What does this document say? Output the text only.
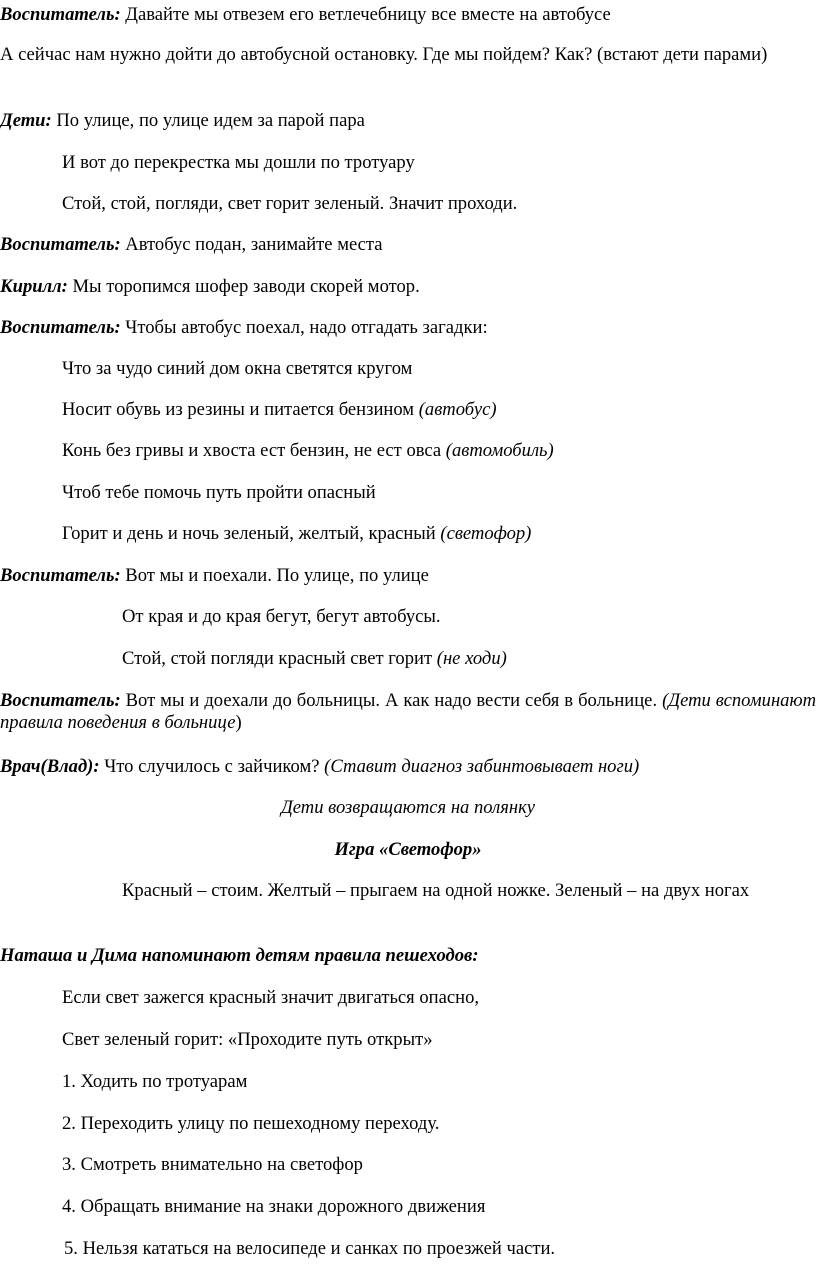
Воспитатель: Давайте мы отвезем его ветлечебницу все вместе на автобусе
А сейчас нам нужно дойти до автобусной остановку. Где мы пойдем? Как? (встают дети парами)
Дети: По улице, по улице идем за парой пара
И вот до перекрестка мы дошли по тротуару
Стой, стой, погляди, свет горит зеленый. Значит проходи.
Воспитатель: Автобус подан, занимайте места
Кирилл: Мы торопимся шофер заводи скорей мотор.
Воспитатель: Чтобы автобус поехал, надо отгадать загадки:
Что за чудо синий дом окна светятся кругом
Носит обувь из резины и питается бензином (автобус)
Конь без гривы и хвоста ест бензин, не ест овса (автомобиль)
Чтоб тебе помочь путь пройти опасный
Горит и день и ночь зеленый, желтый, красный (светофор)
Воспитатель: Вот мы и поехали. По улице, по улице
От края и до края бегут, бегут автобусы.
Стой, стой погляди красный свет горит (не ходи)
Воспитатель: Вот мы и доехали до больницы. А как надо вести себя в больнице. (Дети вспоминают правила поведения в больнице)
Врач(Влад): Что случилось с зайчиком? (Ставит диагноз забинтовывает ноги)
Дети возвращаются на полянку
Игра «Светофор»
Красный – стоим. Желтый – прыгаем на одной ножке. Зеленый – на двух ногах
Наташа и Дима напоминают детям правила пешеходов:
Если свет зажегся красный значит двигаться опасно,
Свет зеленый горит: «Проходите путь открыт»
1. Ходить по тротуарам
2. Переходить улицу по пешеходному переходу.
3. Смотреть внимательно на светофор
4. Обращать внимание на знаки дорожного движения
5. Нельзя кататься на велосипеде и санках по проезжей части.
